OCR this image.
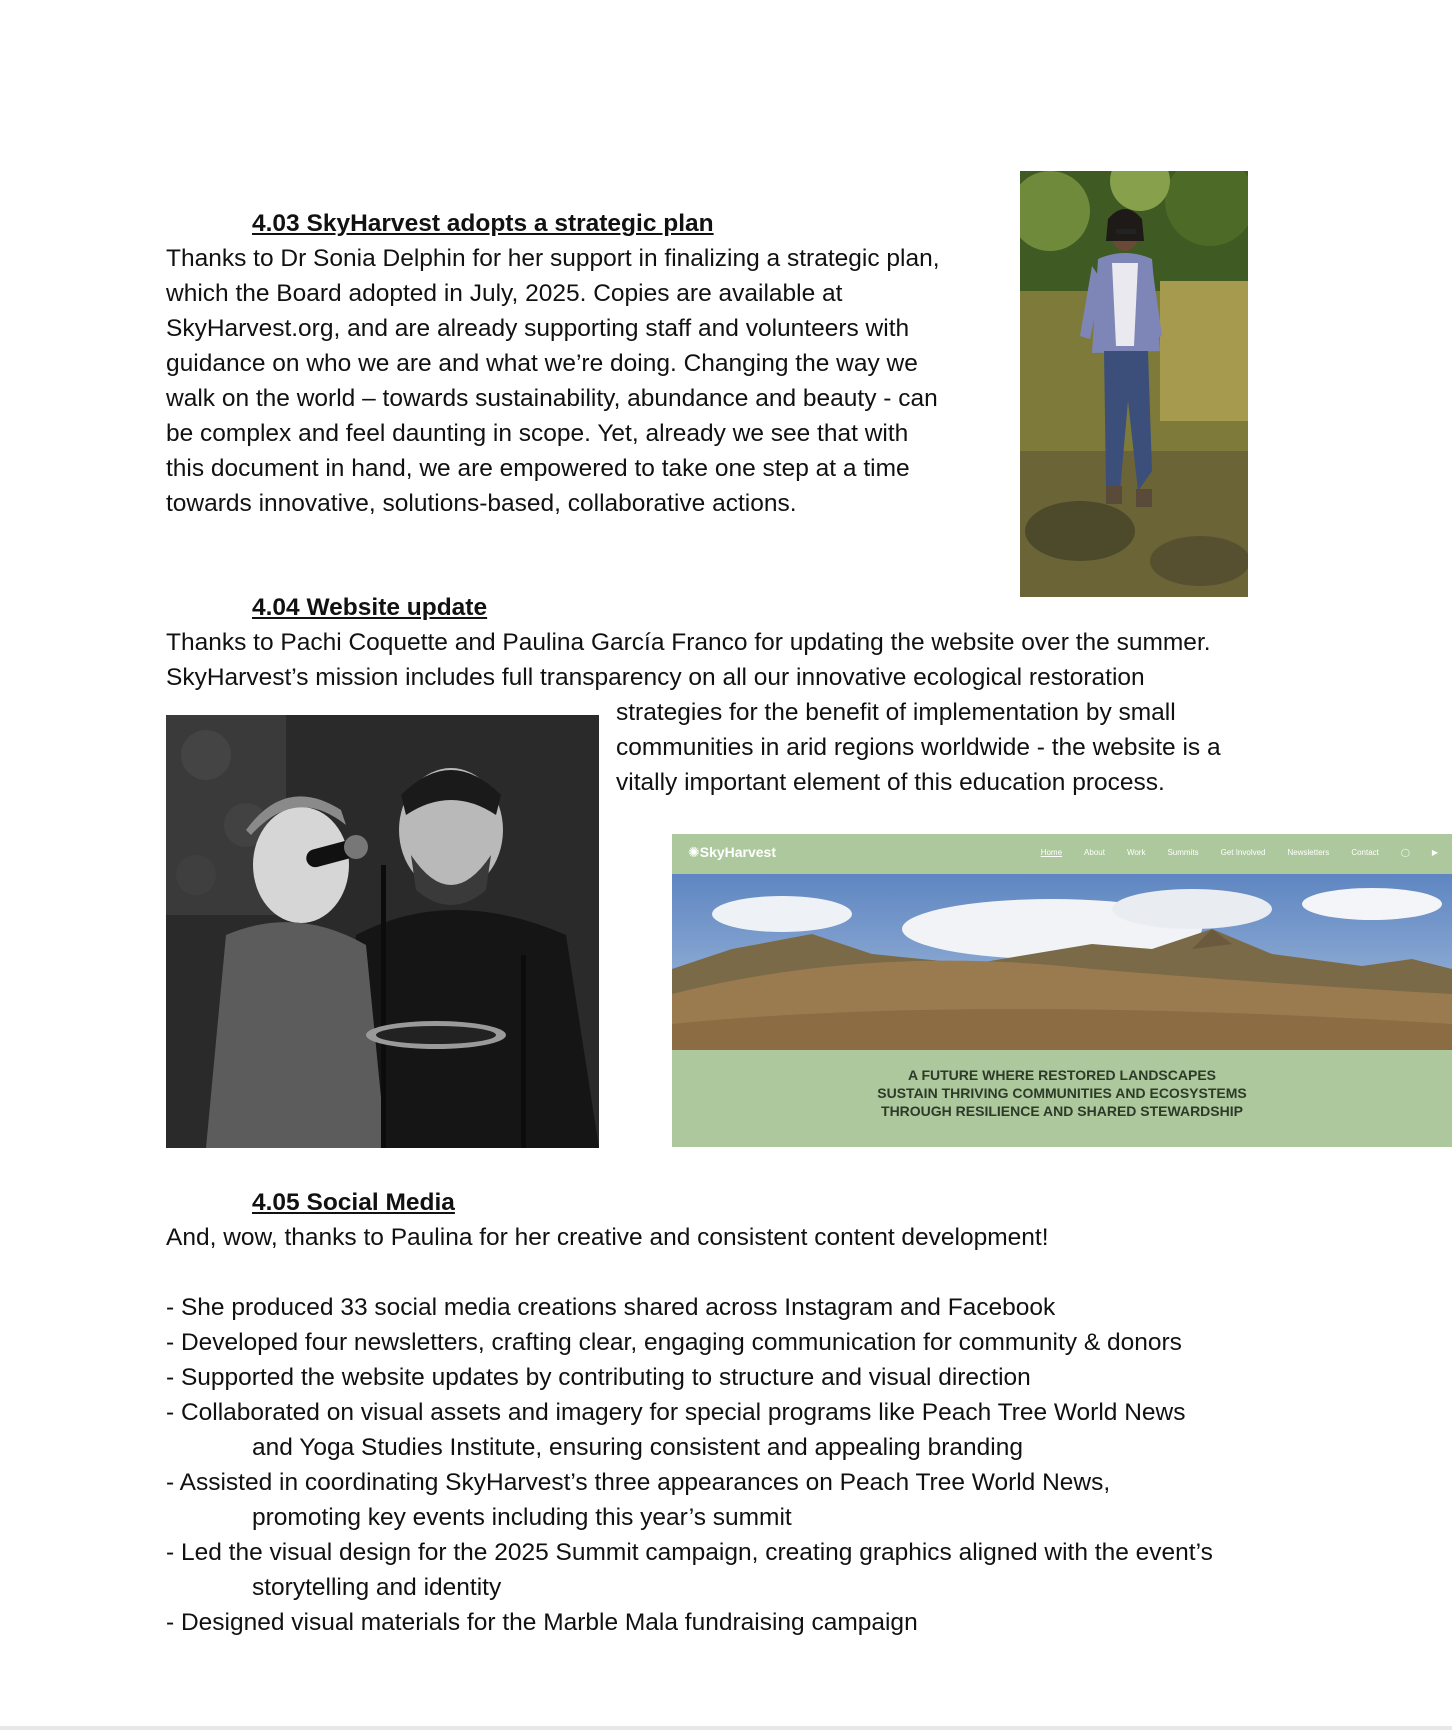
4.03 SkyHarvest adopts a strategic plan
Thanks to Dr Sonia Delphin for her support in finalizing a strategic plan,
which the Board adopted in July, 2025. Copies are available at
SkyHarvest.org, and are already supporting staff and volunteers with
guidance on who we are and what we’re doing. Changing the way we
walk on the world – towards sustainability, abundance and beauty - can
be complex and feel daunting in scope. Yet, already we see that with
this document in hand, we are empowered to take one step at a time
towards innovative, solutions-based, collaborative actions.
4.04 Website update
Thanks to Pachi Coquette and Paulina García Franco for updating the website over the summer.
SkyHarvest’s mission includes full transparency on all our innovative ecological restoration
strategies for the benefit of implementation by small
communities in arid regions worldwide - the website is a
vitally important element of this education process.
✺SkyHarvest	Home	About	Work	Summits	Get Involved	Newsletters	Contact	◯	▶
A FUTURE WHERE RESTORED LANDSCAPES
SUSTAIN THRIVING COMMUNITIES AND ECOSYSTEMS
THROUGH RESILIENCE AND SHARED STEWARDSHIP
4.05 Social Media
And, wow, thanks to Paulina for her creative and consistent content development!

- She produced 33 social media creations shared across Instagram and Facebook
- Developed four newsletters, crafting clear, engaging communication for community & donors
- Supported the website updates by contributing to structure and visual direction
- Collaborated on visual assets and imagery for special programs like Peach Tree World News
and Yoga Studies Institute, ensuring consistent and appealing branding
- Assisted in coordinating SkyHarvest’s three appearances on Peach Tree World News,
promoting key events including this year’s summit
- Led the visual design for the 2025 Summit campaign, creating graphics aligned with the event’s
storytelling and identity
- Designed visual materials for the Marble Mala fundraising campaign
